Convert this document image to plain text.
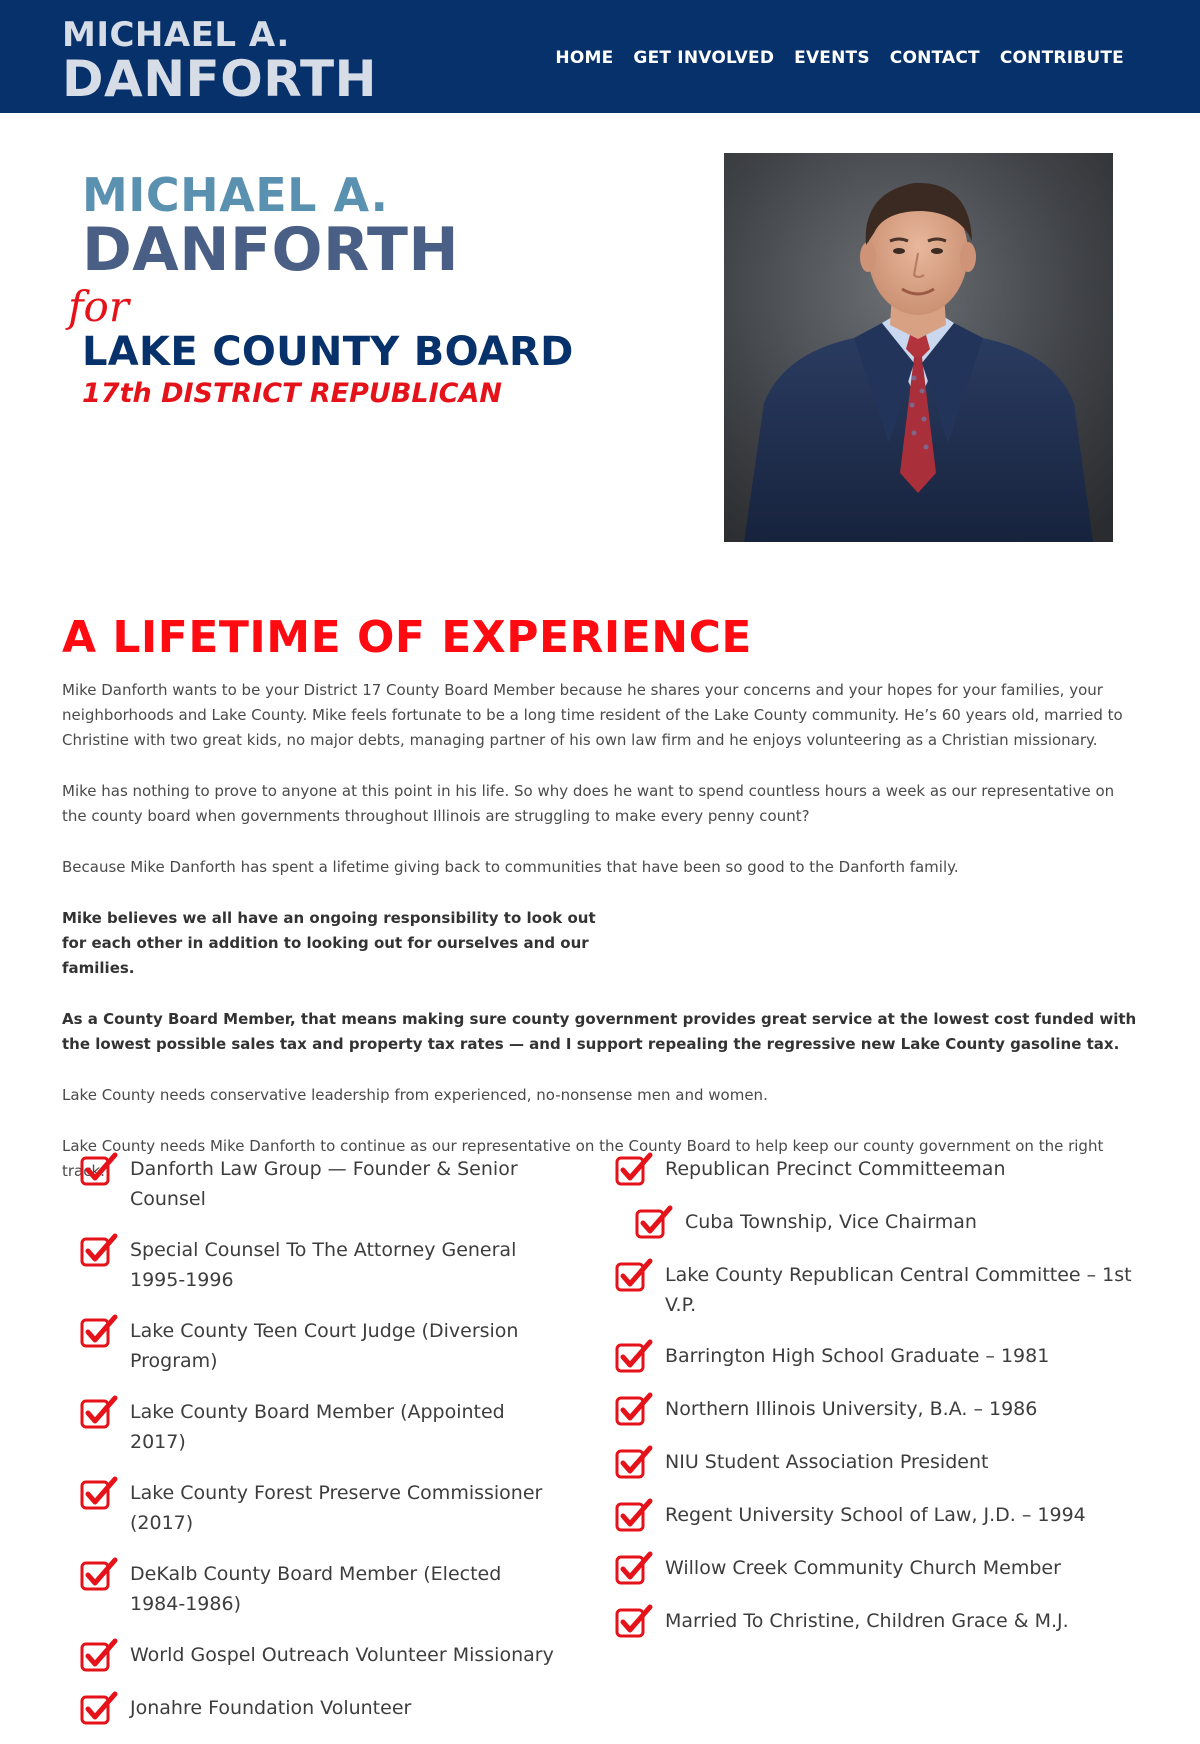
MICHAEL A.
DANFORTH	HOME GET INVOLVED EVENTS CONTACT CONTRIBUTE
MICHAEL A.
DANFORTH
for
LAKE COUNTY BOARD
17th DISTRICT REPUBLICAN
A LIFETIME OF EXPERIENCE

Mike Danforth wants to be your District 17 County Board Member because he shares your concerns and your hopes for your families, your neighborhoods and Lake County. Mike feels fortunate to be a long time resident of the Lake County community. He’s 60 years old, married to Christine with two great kids, no major debts, managing partner of his own law firm and he enjoys volunteering as a Christian missionary.

Mike has nothing to prove to anyone at this point in his life. So why does he want to spend countless hours a week as our representative on the county board when governments throughout Illinois are struggling to make every penny count?

Because Mike Danforth has spent a lifetime giving back to communities that have been so good to the Danforth family.

Mike believes we all have an ongoing responsibility to look out for each other in addition to looking out for ourselves and our families.

As a County Board Member, that means making sure county government provides great service at the lowest cost funded with the lowest possible sales tax and property tax rates — and I support repealing the regressive new Lake County gasoline tax.

Lake County needs conservative leadership from experienced, no-nonsense men and women.

Lake County needs Mike Danforth to continue as our representative on the County Board to help keep our county government on the right track.	Danforth Law Group — Founder & Senior Counsel
Special Counsel To The Attorney General 1995-1996
Lake County Teen Court Judge (Diversion Program)
Lake County Board Member (Appointed 2017)
Lake County Forest Preserve Commissioner (2017)
DeKalb County Board Member (Elected 1984-1986)
World Gospel Outreach Volunteer Missionary
Jonahre Foundation Volunteer
Republican Precinct Committeeman
Cuba Township, Vice Chairman
Lake County Republican Central Committee – 1st V.P.
Barrington High School Graduate – 1981
Northern Illinois University, B.A. – 1986
NIU Student Association President
Regent University School of Law, J.D. – 1994
Willow Creek Community Church Member
Married To Christine, Children Grace & M.J.
